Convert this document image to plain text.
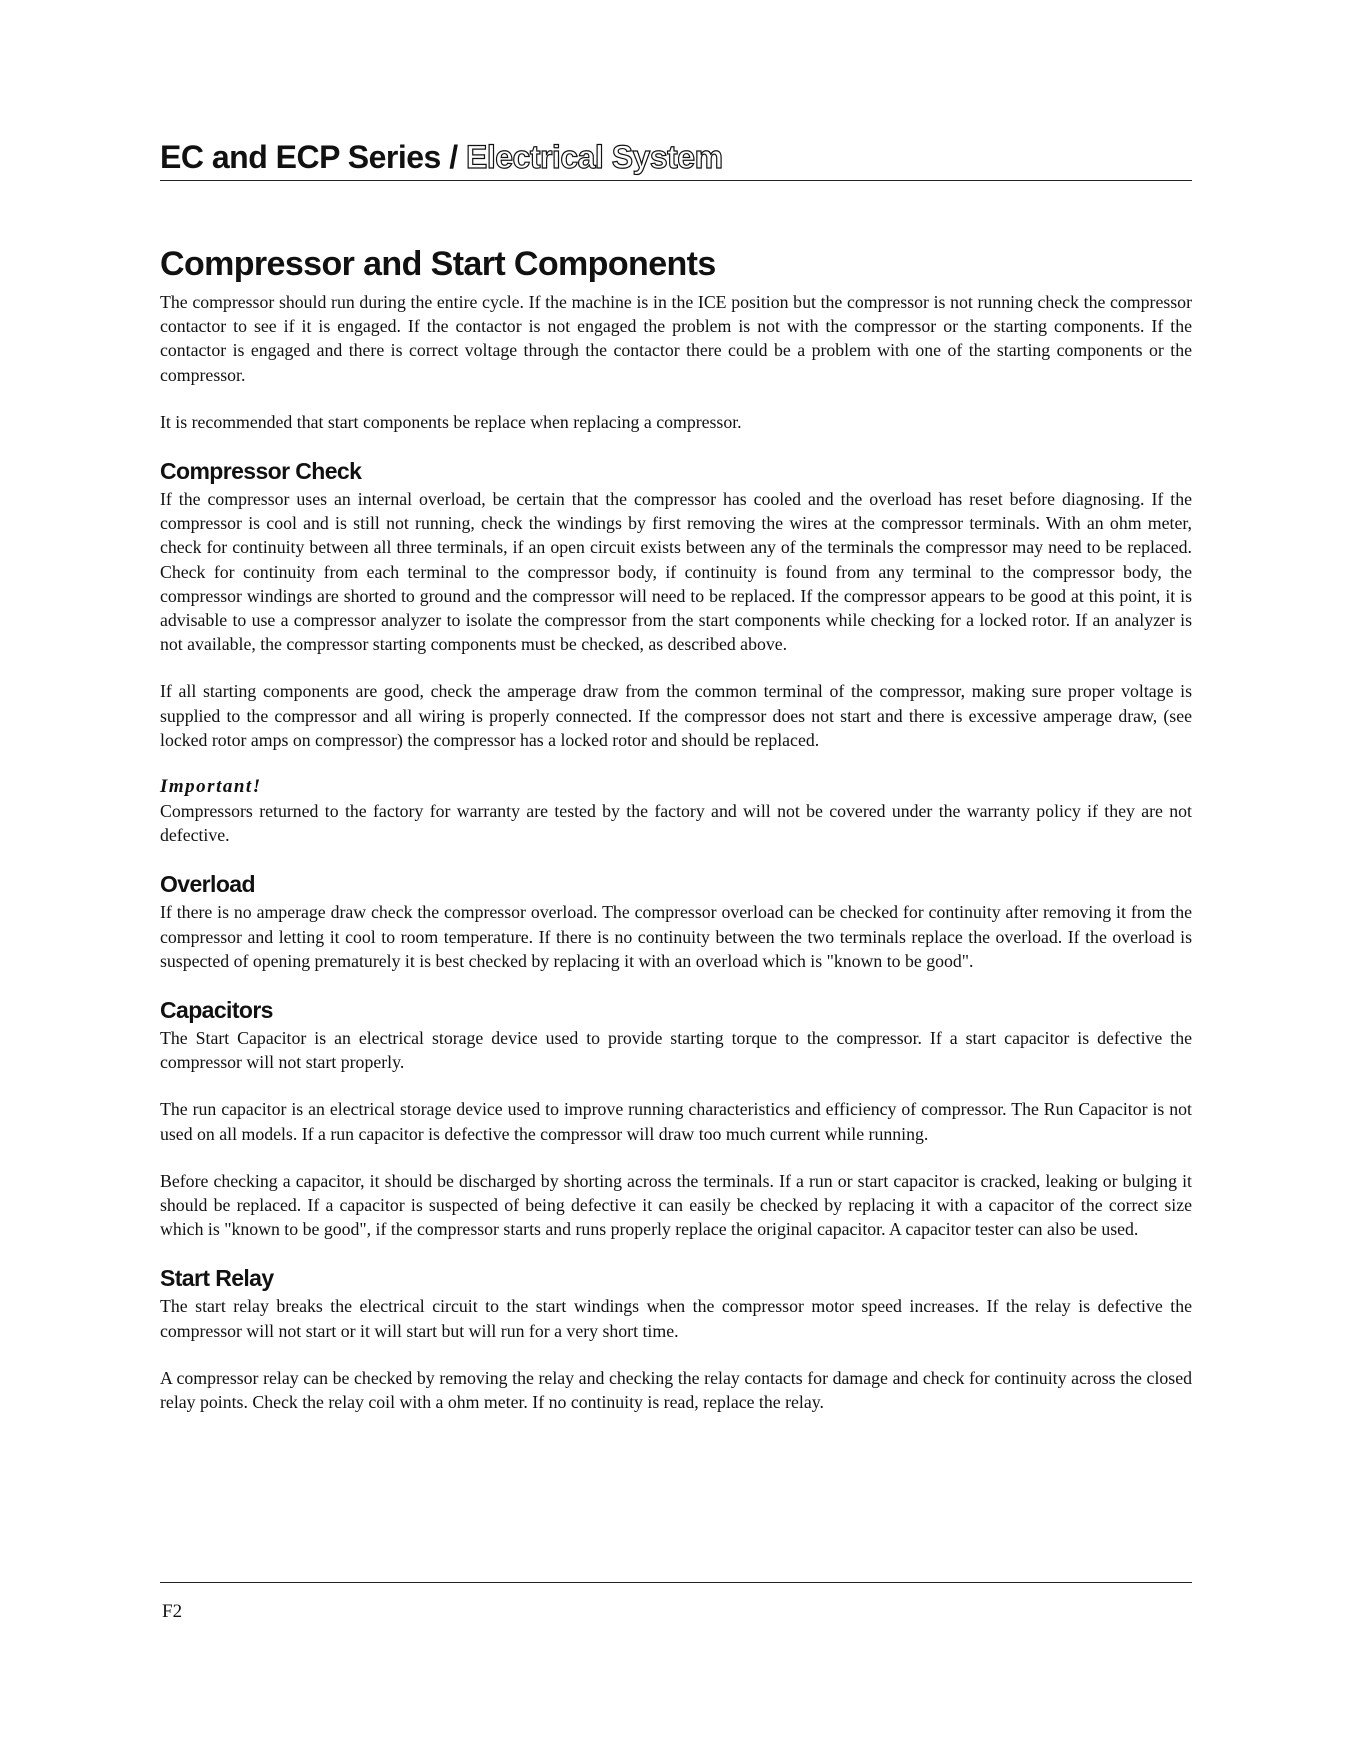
EC and ECP Series / Electrical System
Compressor and Start Components

The compressor should run during the entire cycle. If the machine is in the ICE position but the compressor is not running check the compressor contactor to see if it is engaged. If the contactor is not engaged the problem is not with the compressor or the starting components. If the contactor is engaged and there is correct voltage through the contactor there could be a problem with one of the starting components or the compressor.

It is recommended that start components be replace when replacing a compressor.

Compressor Check

If the compressor uses an internal overload, be certain that the compressor has cooled and the overload has reset before diagnosing. If the compressor is cool and is still not running, check the windings by first removing the wires at the compressor terminals. With an ohm meter, check for continuity between all three terminals, if an open circuit exists between any of the terminals the compressor may need to be replaced. Check for continuity from each terminal to the compressor body, if continuity is found from any terminal to the compressor body, the compressor windings are shorted to ground and the compressor will need to be replaced. If the compressor appears to be good at this point, it is advisable to use a compressor analyzer to isolate the compressor from the start components while checking for a locked rotor. If an analyzer is not available, the compressor starting components must be checked, as described above.

If all starting components are good, check the amperage draw from the common terminal of the compressor, making sure proper voltage is supplied to the compressor and all wiring is properly connected. If the compressor does not start and there is excessive amperage draw, (see locked rotor amps on compressor) the compressor has a locked rotor and should be replaced.

Important!

Compressors returned to the factory for warranty are tested by the factory and will not be covered under the warranty policy if they are not defective.

Overload

If there is no amperage draw check the compressor overload. The compressor overload can be checked for continuity after removing it from the compressor and letting it cool to room temperature. If there is no continuity between the two terminals replace the overload. If the overload is suspected of opening prematurely it is best checked by replacing it with an overload which is "known to be good".

Capacitors

The Start Capacitor is an electrical storage device used to provide starting torque to the compressor. If a start capacitor is defective the compressor will not start properly.

The run capacitor is an electrical storage device used to improve running characteristics and efficiency of compressor. The Run Capacitor is not used on all models. If a run capacitor is defective the compressor will draw too much current while running.

Before checking a capacitor, it should be discharged by shorting across the terminals. If a run or start capacitor is cracked, leaking or bulging it should be replaced. If a capacitor is suspected of being defective it can easily be checked by replacing it with a capacitor of the correct size which is "known to be good", if the compressor starts and runs properly replace the original capacitor. A capacitor tester can also be used.

Start Relay

The start relay breaks the electrical circuit to the start windings when the compressor motor speed increases. If the relay is defective the compressor will not start or it will start but will run for a very short time.

A compressor relay can be checked by removing the relay and checking the relay contacts for damage and check for continuity across the closed relay points. Check the relay coil with a ohm meter. If no continuity is read, replace the relay.

F2
